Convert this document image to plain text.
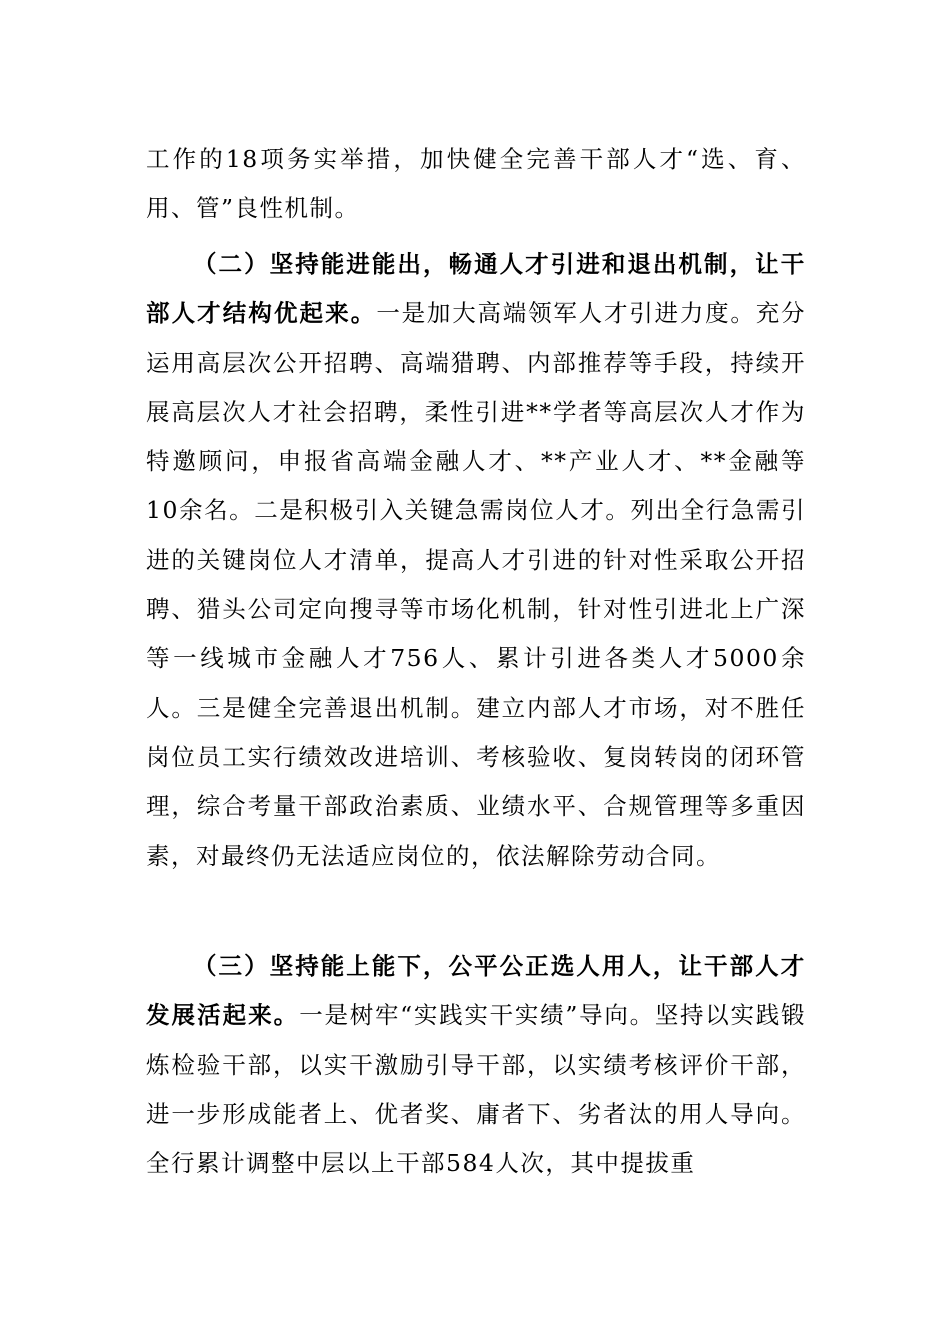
工作的18项务实举措，加快健全完善干部人才“选、育、用、管”良性机制。

（二）坚持能进能出，畅通人才引进和退出机制，让干部人才结构优起来。一是加大高端领军人才引进力度。充分运用高层次公开招聘、高端猎聘、内部推荐等手段，持续开展高层次人才社会招聘，柔性引进**学者等高层次人才作为特邀顾问，申报省高端金融人才、**产业人才、**金融等10余名。二是积极引入关键急需岗位人才。列出全行急需引进的关键岗位人才清单，提高人才引进的针对性采取公开招聘、猎头公司定向搜寻等市场化机制，针对性引进北上广深等一线城市金融人才756人、累计引进各类人才5000余人。三是健全完善退出机制。建立内部人才市场，对不胜任岗位员工实行绩效改进培训、考核验收、复岗转岗的闭环管理，综合考量干部政治素质、业绩水平、合规管理等多重因素，对最终仍无法适应岗位的，依法解除劳动合同。

（三）坚持能上能下，公平公正选人用人，让干部人才发展活起来。一是树牢“实践实干实绩”导向。坚持以实践锻炼检验干部，以实干激励引导干部，以实绩考核评价干部，进一步形成能者上、优者奖、庸者下、劣者汰的用人导向。全行累计调整中层以上干部584人次，其中提拔重
